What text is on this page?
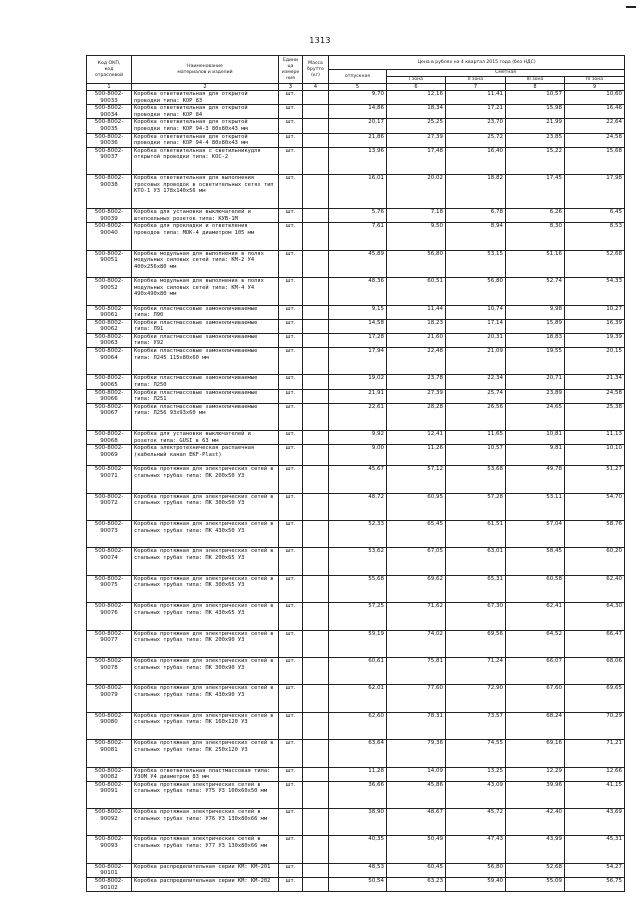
1313
Код ОКП,
код
отраслевой	Наименование
материалов и изделий	Едини
ца
измере
ния	Масса
брутто
(кг)	Цена в рублях на 4 квартал 2015 года (без НДС)				
				отпускная	Сметная			
					I зона	II зона	III зона	IV зона
1	2	3	4	5	6	7	8	9
500-8002-90033	Коробка ответвительная для открытой проводки типа: КОР 83	шт.		9,70	12,16	11,41	10,57	10,60
500-8002-90034	Коробка ответвительная для открытой проводки типа: КОР 84	шт.		14,86	18,34	17,21	15,98	16,46
500-8002-90035	Коробка ответвительная для открытой проводки типа: КОР 94-3 80х80х43 мм	шт.		20,17	25,25	23,70	21,99	22,64
500-8002-90036	Коробка ответвительная для открытой проводки типа: КОР 94-4 80х80х43 мм	шт.		21,86	27,39	25,72	23,85	24,58
500-8002-90037	Коробка ответвительная с светильникудля открытой проводки типа: КОС-2	шт.		13,96	17,48	16,40	15,22	15,68
500-8002-90038	Коробка ответвительная для выполнения тросовых проводок в осветительных сетях тип КТО-1 УЗ 178х140х56 мм	шт.		16,01	20,02	18,82	17,45	17,98
500-8002-90039	Коробка для установки выключателей и штепсельных розеток типа: КУВ-1М	шт.		5,76	7,18	6,78	6,26	6,45
500-8002-90040	Коробка для прокладки и ответвления проводов типа: МОК-4 диаметром 105 мм	шт.		7,61	9,50	8,94	8,30	8,53
500-8002-90051	Коробка модульная для выполнения в полях модульных силовых сетей типа: КМ-2 У4 400х256х80 мм	шт.		45,89	56,80	53,15	51,16	52,68
500-8002-90052	Коробка модульная для выполнения в полях модульных силовых сетей типа: КМ-4 У4 490х490х80 мм	шт.		48,36	60,51	56,80	52,74	54,33
500-8002-90061	Коробки пластмассовые замоноличиваемые типа: Л90	шт.		9,15	11,44	10,74	9,98	10,27
500-8002-90062	Коробки пластмассовые замоноличиваемые типа: Л91	шт.		14,58	18,23	17,14	15,89	16,39
500-8002-90063	Коробки пластмассовые замоноличиваемые типа: У92	шт.		17,28	21,60	20,31	18,83	19,39
500-8002-90064	Коробки пластмассовые замоноличиваемые типа: Л245 115х80х60 мм	шт.		17,94	22,48	21,09	19,55	20,15
500-8002-90065	Коробки пластмассовые замоноличиваемые типа: Л250	шт.		19,02	23,78	22,34	20,71	21,34
500-8002-90066	Коробки пластмассовые замоноличиваемые типа: Л251	шт.		21,91	27,39	25,74	23,89	24,58
500-8002-90067	Коробки пластмассовые замоноличиваемые типа: Л256 93х93х60 мм	шт.		22,61	28,28	26,56	24,65	25,38
500-8002-90068	Коробка для установки выключателей и розеток типа: GUSI в 63 мм	шт.		9,92	12,41	11,65	10,81	11,13
500-8002-90069	Коробка электротехническая распаечная (кабельный канал EKF-Plast)	шт.		9,00	11,26	10,57	9,81	10,10
500-8002-90071	Коробка протяжная для электрических сетей в стальных трубах типа: ПК 200х50 УЗ	шт.		45,67	57,12	53,68	49,78	51,27
500-8002-90072	Коробка протяжная для электрических сетей в стальных трубах типа: ПК 300х50 УЗ	шт.		48,72	60,95	57,28	53,11	54,70
500-8002-90073	Коробка протяжная для электрических сетей в стальных трубах типа: ПК 430х50 УЗ	шт.		52,33	65,45	61,51	57,04	58,76
500-8002-90074	Коробка протяжная для электрических сетей в стальных трубах типа: ПК 200х65 УЗ	шт.		53,62	67,05	63,01	58,45	60,20
500-8002-90075	Коробка протяжная для электрических сетей в стальных трубах типа: ПК 300х65 УЗ	шт.		55,68	69,62	65,31	60,58	62,40
500-8002-90076	Коробка протяжная для электрических сетей в стальных трубах типа: ПК 430х65 УЗ	шт.		57,25	71,62	67,30	62,41	64,30
500-8002-90077	Коробка протяжная для электрических сетей в стальных трубах типа: ПК 200х90 УЗ	шт.		59,19	74,02	69,56	64,52	66,47
500-8002-90078	Коробка протяжная для электрических сетей в стальных трубах типа: ПК 300х90 УЗ	шт.		60,61	75,81	71,24	66,07	68,06
500-8002-90079	Коробка протяжная для электрических сетей в стальных трубах типа: ПК 430х90 УЗ	шт.		62,01	77,60	72,90	67,60	69,65
500-8002-90080	Коробка протяжная для электрических сетей в стальных трубах типа: ПК 160х120 УЗ	шт.		62,60	78,31	73,57	68,24	70,29
500-8002-90081	Коробка протяжная для электрических сетей в стальных трубах типа: ПК 250х120 УЗ	шт.		63,64	79,36	74,55	69,16	71,21
500-8002-90082	Коробка ответвительная пластмассовая типа: УЗОМ У4 диаметром 83 мм	шт.		11,28	14,09	13,25	12,29	12,66
500-8002-90091	Коробка протяжная электрических сетей в стальных трубах типа: У75 УЗ 100х60х50 мм	шт.		36,66	45,86	43,09	39,96	41,15
500-8002-90092	Коробка протяжная электрических сетей в стальных трубах типа: У76 УЗ 130х80х66 мм	шт.		38,90	48,67	45,72	42,40	43,69
500-8002-90093	Коробка протяжная электрических сетей в стальных трубах типа: У77 УЗ 130х80х66 мм	шт.		40,35	50,49	47,43	43,99	45,31
500-8002-90101	Коробка распределительная серии КМ: КМ-201	шт.		48,53	60,45	56,80	52,68	54,27
500-8002-90102	Коробка распределительная серии КМ: КМ-202	шт.		50,54	63,23	59,40	55,09	56,75
